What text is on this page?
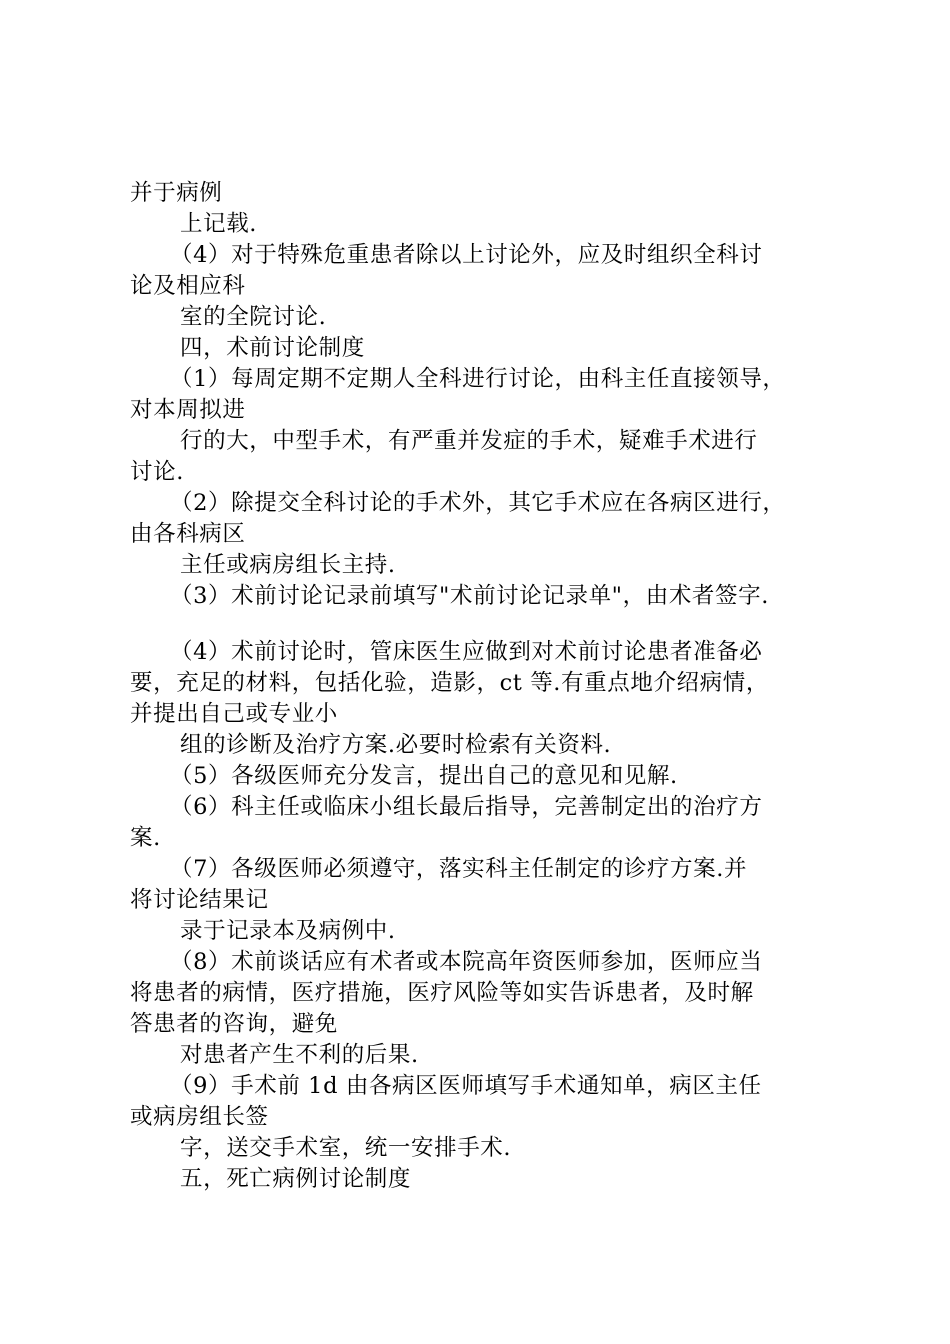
并于病例
上记载.
（4）对于特殊危重患者除以上讨论外，应及时组织全科讨
论及相应科
室的全院讨论.
四，术前讨论制度
（1）每周定期不定期人全科进行讨论，由科主任直接领导，
对本周拟进
行的大，中型手术，有严重并发症的手术，疑难手术进行
讨论.
（2）除提交全科讨论的手术外，其它手术应在各病区进行，
由各科病区
主任或病房组长主持.
（3）术前讨论记录前填写"术前讨论记录单"，由术者签字.
（4）术前讨论时，管床医生应做到对术前讨论患者准备必
要，充足的材料，包括化验，造影，ct 等.有重点地介绍病情，
并提出自己或专业小
组的诊断及治疗方案.必要时检索有关资料.
（5）各级医师充分发言，提出自己的意见和见解.
（6）科主任或临床小组长最后指导，完善制定出的治疗方
案.
（7）各级医师必须遵守，落实科主任制定的诊疗方案.并
将讨论结果记
录于记录本及病例中.
（8）术前谈话应有术者或本院高年资医师参加，医师应当
将患者的病情，医疗措施，医疗风险等如实告诉患者，及时解
答患者的咨询，避免
对患者产生不利的后果.
（9）手术前 1d 由各病区医师填写手术通知单，病区主任
或病房组长签
字，送交手术室，统一安排手术.
五，死亡病例讨论制度
